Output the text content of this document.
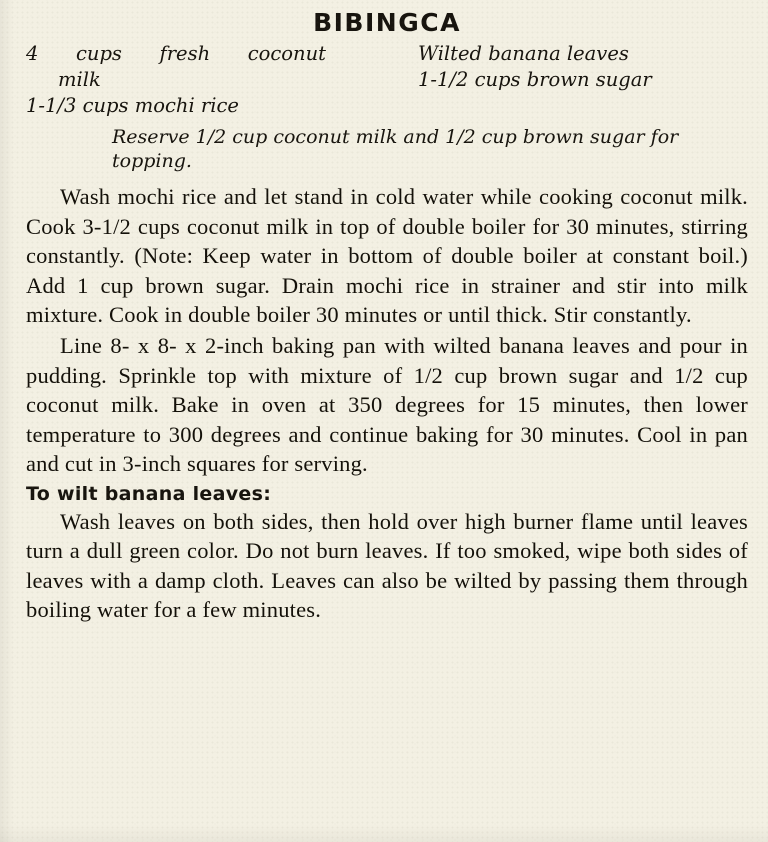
BIBINGCA
4  cups  fresh  coconut
milk
1-1/3 cups mochi rice
Wilted banana leaves
1-1/2 cups brown sugar
Reserve 1/2 cup coconut milk and 1/2 cup brown sugar for topping.

Wash mochi rice and let stand in cold water while cooking coconut milk. Cook 3-1/2 cups coconut milk in top of double boiler for 30 minutes, stirring constantly. (Note: Keep water in bottom of double boiler at constant boil.) Add 1 cup brown sugar. Drain mochi rice in strainer and stir into milk mixture. Cook in double boiler 30 minutes or until thick. Stir constantly.

Line 8- x 8- x 2-inch baking pan with wilted banana leaves and pour in pudding. Sprinkle top with mixture of 1/2 cup brown sugar and 1/2 cup coconut milk. Bake in oven at 350 degrees for 15 minutes, then lower temperature to 300 degrees and continue baking for 30 minutes. Cool in pan and cut in 3-inch squares for serving.

To wilt banana leaves:

Wash leaves on both sides, then hold over high burner flame until leaves turn a dull green color. Do not burn leaves. If too smoked, wipe both sides of leaves with a damp cloth. Leaves can also be wilted by passing them through boiling water for a few minutes.
